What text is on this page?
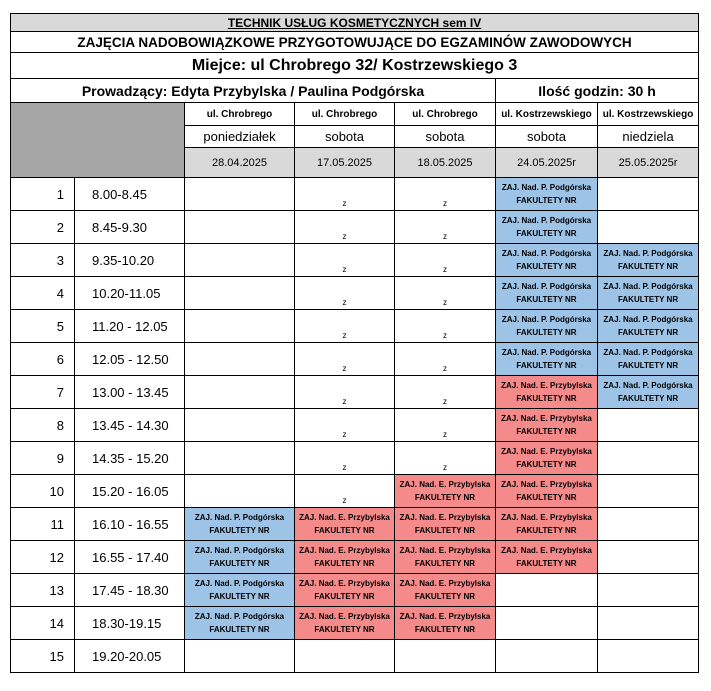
TECHNIK USŁUG KOSMETYCZNYCH sem IV						
ZAJĘCIA NADOBOWIĄZKOWE PRZYGOTOWUJĄCE DO EGZAMINÓW ZAWODOWYCH						
Miejce: ul Chrobrego 32/ Kostrzewskiego 3						
Prowadzący: Edyta Przybylska / Paulina Podgórska					Ilość godzin: 30 h	
		ul. Chrobrego	ul. Chrobrego	ul. Chrobrego	ul. Kostrzewskiego	ul. Kostrzewskiego
		poniedziałek	sobota	sobota	sobota	niedziela
		28.04.2025	17.05.2025	18.05.2025	24.05.2025r	25.05.2025r
1	8.00-8.45		z	z	ZAJ. Nad. P. Podgórska
FAKULTETY NR	

2	8.45-9.30		z	z	ZAJ. Nad. P. Podgórska
FAKULTETY NR	

3	9.35-10.20		z	z	ZAJ. Nad. P. Podgórska
FAKULTETY NR	ZAJ. Nad. P. Podgórska
FAKULTETY NR

4	10.20-11.05		z	z	ZAJ. Nad. P. Podgórska
FAKULTETY NR	ZAJ. Nad. P. Podgórska
FAKULTETY NR

5	11.20 - 12.05		z	z	ZAJ. Nad. P. Podgórska
FAKULTETY NR	ZAJ. Nad. P. Podgórska
FAKULTETY NR

6	12.05 - 12.50		z	z	ZAJ. Nad. P. Podgórska
FAKULTETY NR	ZAJ. Nad. P. Podgórska
FAKULTETY NR

7	13.00 - 13.45		z	z	ZAJ. Nad. E. Przybylska
FAKULTETY NR	ZAJ. Nad. P. Podgórska
FAKULTETY NR

8	13.45 - 14.30		z	z	ZAJ. Nad. E. Przybylska
FAKULTETY NR	

9	14.35 - 15.20		z	z	ZAJ. Nad. E. Przybylska
FAKULTETY NR	

10	15.20 - 16.05		z	ZAJ. Nad. E. Przybylska
FAKULTETY NR	ZAJ. Nad. E. Przybylska
FAKULTETY NR	

11	16.10 - 16.55	ZAJ. Nad. P. Podgórska
FAKULTETY NR	ZAJ. Nad. E. Przybylska
FAKULTETY NR	ZAJ. Nad. E. Przybylska
FAKULTETY NR	ZAJ. Nad. E. Przybylska
FAKULTETY NR	

12	16.55 - 17.40	ZAJ. Nad. P. Podgórska
FAKULTETY NR	ZAJ. Nad. E. Przybylska
FAKULTETY NR	ZAJ. Nad. E. Przybylska
FAKULTETY NR	ZAJ. Nad. E. Przybylska
FAKULTETY NR	

13	17.45 - 18.30	ZAJ. Nad. P. Podgórska
FAKULTETY NR	ZAJ. Nad. E. Przybylska
FAKULTETY NR	ZAJ. Nad. E. Przybylska
FAKULTETY NR		

14	18.30-19.15	ZAJ. Nad. P. Podgórska
FAKULTETY NR	ZAJ. Nad. E. Przybylska
FAKULTETY NR	ZAJ. Nad. E. Przybylska
FAKULTETY NR		

15	19.20-20.05					
